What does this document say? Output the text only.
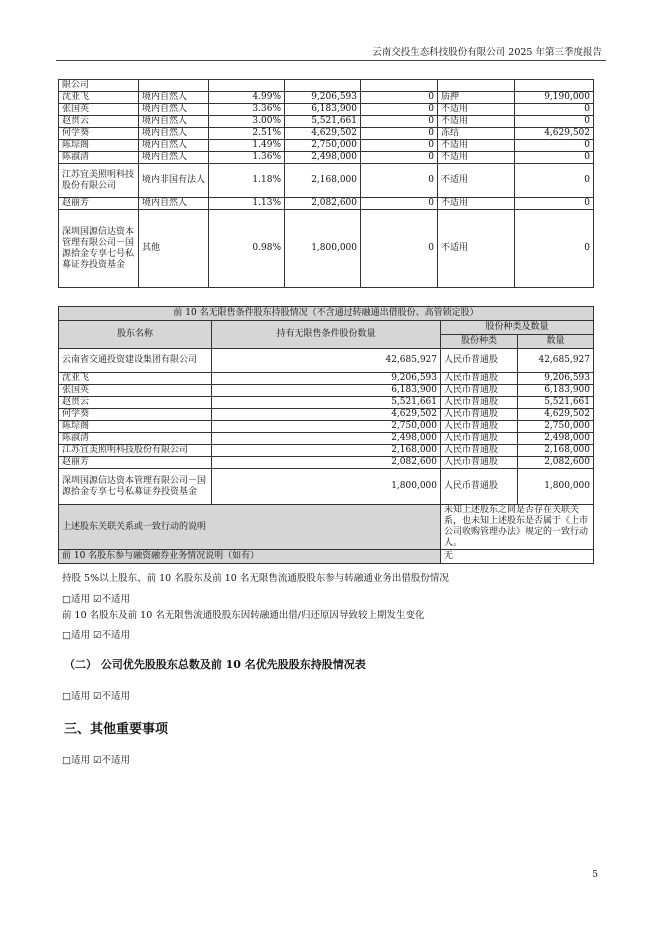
云南交投生态科技股份有限公司 2025 年第三季度报告
限公司						
沈亚飞	境内自然人	4.99%	9,206,593	0	质押	9,190,000
张国英	境内自然人	3.36%	6,183,900	0	不适用	0
赵贯云	境内自然人	3.00%	5,521,661	0	不适用	0
何学葵	境内自然人	2.51%	4,629,502	0	冻结	4,629,502
陈琮阁	境内自然人	1.49%	2,750,000	0	不适用	0
陈淑清	境内自然人	1.36%	2,498,000	0	不适用	0
江苏宜美照明科技股份有限公司	境内非国有法人	1.18%	2,168,000	0	不适用	0
赵丽芳	境内自然人	1.13%	2,082,600	0	不适用	0
深圳国源信达资本管理有限公司－国源拾金专享七号私募证券投资基金	其他	0.98%	1,800,000	0	不适用	0
前 10 名无限售条件股东持股情况（不含通过转融通出借股份、高管锁定股）			
股东名称	持有无限售条件股份数量	股份种类及数量	
		股份种类	数量
云南省交通投资建设集团有限公司	42,685,927	人民币普通股	42,685,927
沈亚飞	9,206,593	人民币普通股	9,206,593
张国英	6,183,900	人民币普通股	6,183,900
赵贯云	5,521,661	人民币普通股	5,521,661
何学葵	4,629,502	人民币普通股	4,629,502
陈琮阁	2,750,000	人民币普通股	2,750,000
陈淑清	2,498,000	人民币普通股	2,498,000
江苏宜美照明科技股份有限公司	2,168,000	人民币普通股	2,168,000
赵丽芳	2,082,600	人民币普通股	2,082,600
深圳国源信达资本管理有限公司－国源拾金专享七号私募证券投资基金	1,800,000	人民币普通股	1,800,000
上述股东关联关系或一致行动的说明		未知上述股东之间是否存在关联关系，也未知上述股东是否属于《上市公司收购管理办法》规定的一致行动人。	
前 10 名股东参与融资融券业务情况说明（如有）		无	
持股 5%以上股东、前 10 名股东及前 10 名无限售流通股股东参与转融通业务出借股份情况
□适用 ☑不适用
前 10 名股东及前 10 名无限售流通股股东因转融通出借/归还原因导致较上期发生变化
□适用 ☑不适用
（二） 公司优先股股东总数及前 10 名优先股股东持股情况表
□适用 ☑不适用
三、其他重要事项
□适用 ☑不适用
5
